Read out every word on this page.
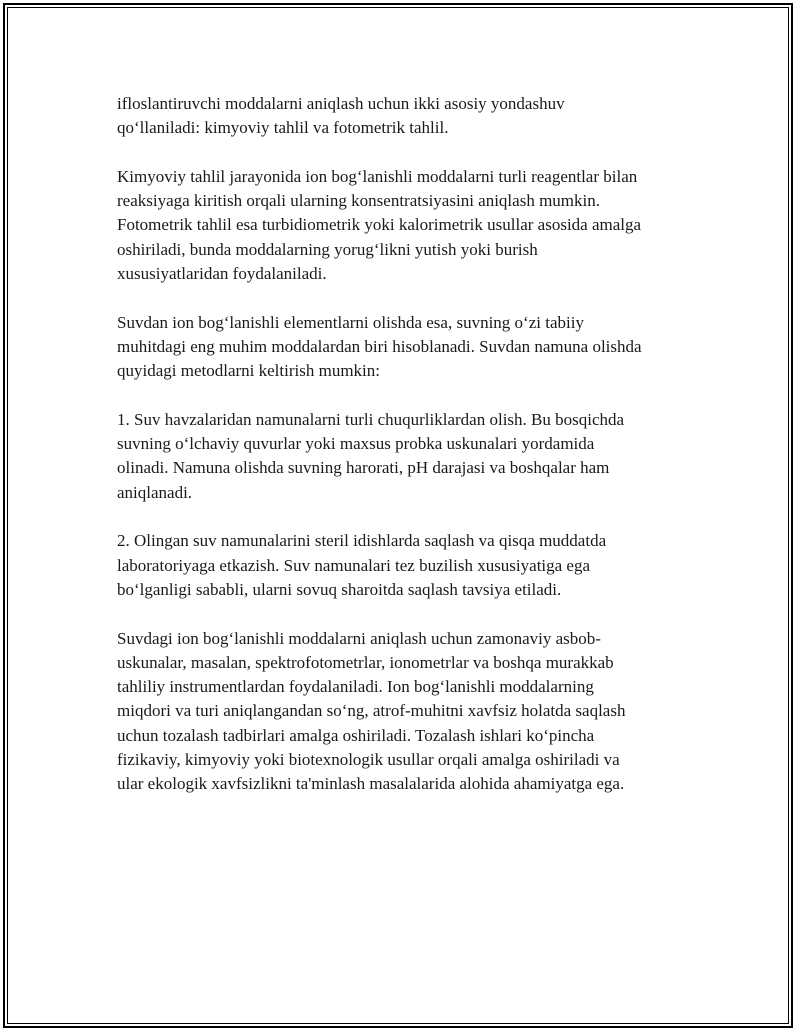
ifloslantiruvchi moddalarni aniqlash uchun ikki asosiy yondashuv
qo‘llaniladi: kimyoviy tahlil va fotometrik tahlil.

Kimyoviy tahlil jarayonida ion bog‘lanishli moddalarni turli reagentlar bilan
reaksiyaga kiritish orqali ularning konsentratsiyasini aniqlash mumkin.
Fotometrik tahlil esa turbidiometrik yoki kalorimetrik usullar asosida amalga
oshiriladi, bunda moddalarning yorug‘likni yutish yoki burish
xususiyatlaridan foydalaniladi.

Suvdan ion bog‘lanishli elementlarni olishda esa, suvning o‘zi tabiiy
muhitdagi eng muhim moddalardan biri hisoblanadi. Suvdan namuna olishda
quyidagi metodlarni keltirish mumkin:

1. Suv havzalaridan namunalarni turli chuqurliklardan olish. Bu bosqichda
suvning o‘lchaviy quvurlar yoki maxsus probka uskunalari yordamida
olinadi. Namuna olishda suvning harorati, pH darajasi va boshqalar ham
aniqlanadi.

2. Olingan suv namunalarini steril idishlarda saqlash va qisqa muddatda
laboratoriyaga etkazish. Suv namunalari tez buzilish xususiyatiga ega
bo‘lganligi sababli, ularni sovuq sharoitda saqlash tavsiya etiladi.

Suvdagi ion bog‘lanishli moddalarni aniqlash uchun zamonaviy asbob-
uskunalar, masalan, spektrofotometrlar, ionometrlar va boshqa murakkab
tahliliy instrumentlardan foydalaniladi. Ion bog‘lanishli moddalarning
miqdori va turi aniqlangandan so‘ng, atrof-muhitni xavfsiz holatda saqlash
uchun tozalash tadbirlari amalga oshiriladi. Tozalash ishlari ko‘pincha
fizikaviy, kimyoviy yoki biotexnologik usullar orqali amalga oshiriladi va
ular ekologik xavfsizlikni ta'minlash masalalarida alohida ahamiyatga ega.
